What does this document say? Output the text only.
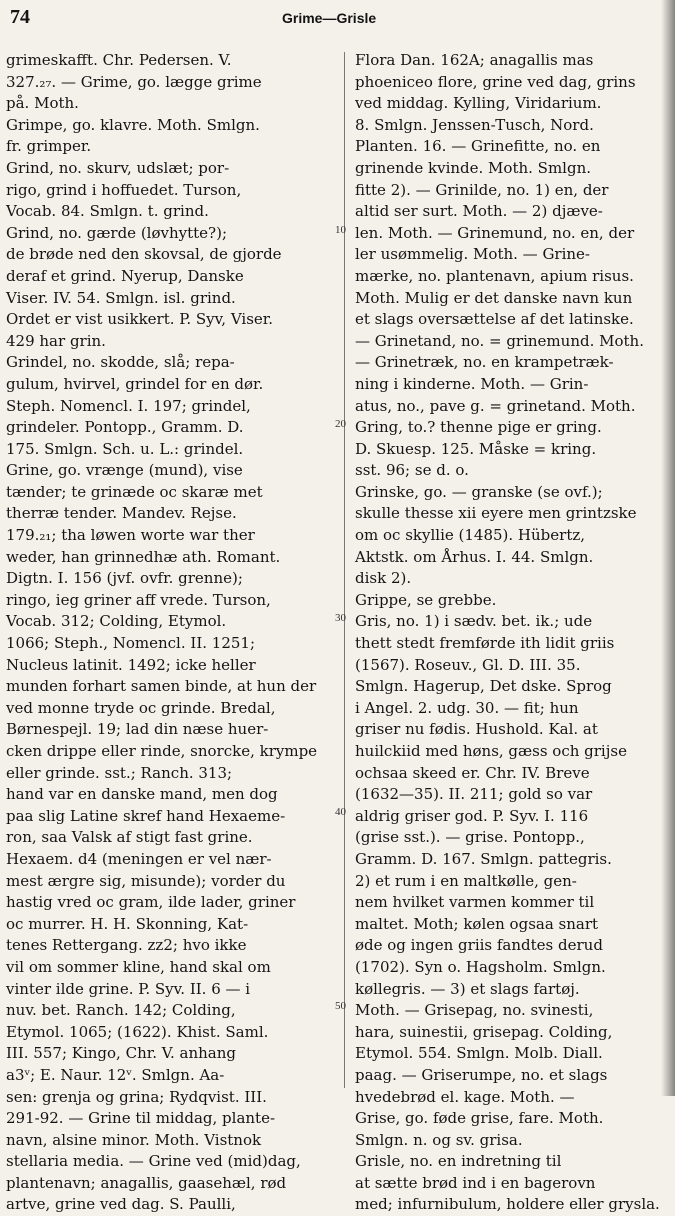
74	Grime—Grisle
grimeskafft. Chr. Pedersen. V.
327.₂₇. — Grime, go. lægge grime
på. Moth.
Grimpe, go. klavre. Moth. Smlgn.
fr. grimper.
Grind, no. skurv, udslæt; por-
rigo, grind i hoffuedet. Turson,
Vocab. 84. Smlgn. t. grind.
Grind, no. gærde (løvhytte?);
de brøde ned den skovsal, de gjorde
deraf et grind. Nyerup, Danske
Viser. IV. 54. Smlgn. isl. grind.
Ordet er vist usikkert. P. Syv, Viser.
429 har grin.
Grindel, no. skodde, slå; repa-
gulum, hvirvel, grindel for en dør.
Steph. Nomencl. I. 197; grindel,
grindeler. Pontopp., Gramm. D.
175. Smlgn. Sch. u. L.: grindel.
Grine, go. vrænge (mund), vise
tænder; te grinæde oc skaræ met
therræ tender. Mandev. Rejse.
179.₂₁; tha løwen worte war ther
weder, han grinnedhæ ath. Romant.
Digtn. I. 156 (jvf. ovfr. grenne);
ringo, ieg griner aff vrede. Turson,
Vocab. 312; Colding, Etymol.
1066; Steph., Nomencl. II. 1251;
Nucleus latinit. 1492; icke heller
munden forhart samen binde, at hun der
ved monne tryde oc grinde. Bredal,
Børnespejl. 19; lad din næse huer-
cken drippe eller rinde, snorcke, krympe
eller grinde. sst.; Ranch. 313;
hand var en danske mand, men dog
paa slig Latine skref hand Hexaeme-
ron, saa Valsk af stigt fast grine.
Hexaem. d4 (meningen er vel nær-
mest ærgre sig, misunde); vorder du
hastig vred oc gram, ilde lader, griner
oc murrer. H. H. Skonning, Kat-
tenes Rettergang. zz2; hvo ikke
vil om sommer kline, hand skal om
vinter ilde grine. P. Syv. II. 6 — i
nuv. bet. Ranch. 142; Colding,
Etymol. 1065; (1622). Khist. Saml.
III. 557; Kingo, Chr. V. anhang
a3ᵛ; E. Naur. 12ᵛ. Smlgn. Aa-
sen: grenja og grina; Rydqvist. III.
291-92. — Grine til middag, plante-
navn, alsine minor. Moth. Vistnok
stellaria media. — Grine ved (mid)dag,
plantenavn; anagallis, gaasehæl, rød
artve, grine ved dag. S. Paulli,
Flora Dan. 162A; anagallis mas
phoeniceo flore, grine ved dag, grins
ved middag. Kylling, Viridarium.
8. Smlgn. Jenssen-Tusch, Nord.
Planten. 16. — Grinefitte, no. en
grinende kvinde. Moth. Smlgn.
fitte 2). — Grinilde, no. 1) en, der
altid ser surt. Moth. — 2) djæve-
len. Moth. — Grinemund, no. en, der
ler usømmelig. Moth. — Grine-
mærke, no. plantenavn, apium risus.
Moth. Mulig er det danske navn kun
et slags oversættelse af det latinske.
— Grinetand, no. = grinemund. Moth.
— Grinetræk, no. en krampetræk-
ning i kinderne. Moth. — Grin-
atus, no., pave g. = grinetand. Moth.
Gring, to.? thenne pige er gring.
D. Skuesp. 125. Måske = kring.
sst. 96; se d. o.
Grinske, go. — granske (se ovf.);
skulle thesse xii eyere men grintzske
om oc skyllie (1485). Hübertz,
Aktstk. om Århus. I. 44. Smlgn.
disk 2).
Grippe, se grebbe.
Gris, no. 1) i sædv. bet. ik.; ude
thett stedt fremførde ith lidit griis
(1567). Roseuv., Gl. D. III. 35.
Smlgn. Hagerup, Det dske. Sprog
i Angel. 2. udg. 30. — fit; hun
griser nu fødis. Hushold. Kal. at
huilckiid med høns, gæss och grijse
ochsaa skeed er. Chr. IV. Breve
(1632—35). II. 211; gold so var
aldrig griser god. P. Syv. I. 116
(grise sst.). — grise. Pontopp.,
Gramm. D. 167. Smlgn. pattegris.
2) et rum i en maltkølle, gen-
nem hvilket varmen kommer til
maltet. Moth; kølen ogsaa snart
øde og ingen griis fandtes derud
(1702). Syn o. Hagsholm. Smlgn.
køllegris. — 3) et slags fartøj.
Moth. — Grisepag, no. svinesti,
hara, suinestii, grisepag. Colding,
Etymol. 554. Smlgn. Molb. Diall.
paag. — Griserumpe, no. et slags
hvedebrød el. kage. Moth. —
Grise, go. føde grise, fare. Moth.
Smlgn. n. og sv. grisa.
Grisle, no. en indretning til
at sætte brød ind i en bagerovn
med; infurnibulum, holdere eller grysla.
10
20
30
40
50
